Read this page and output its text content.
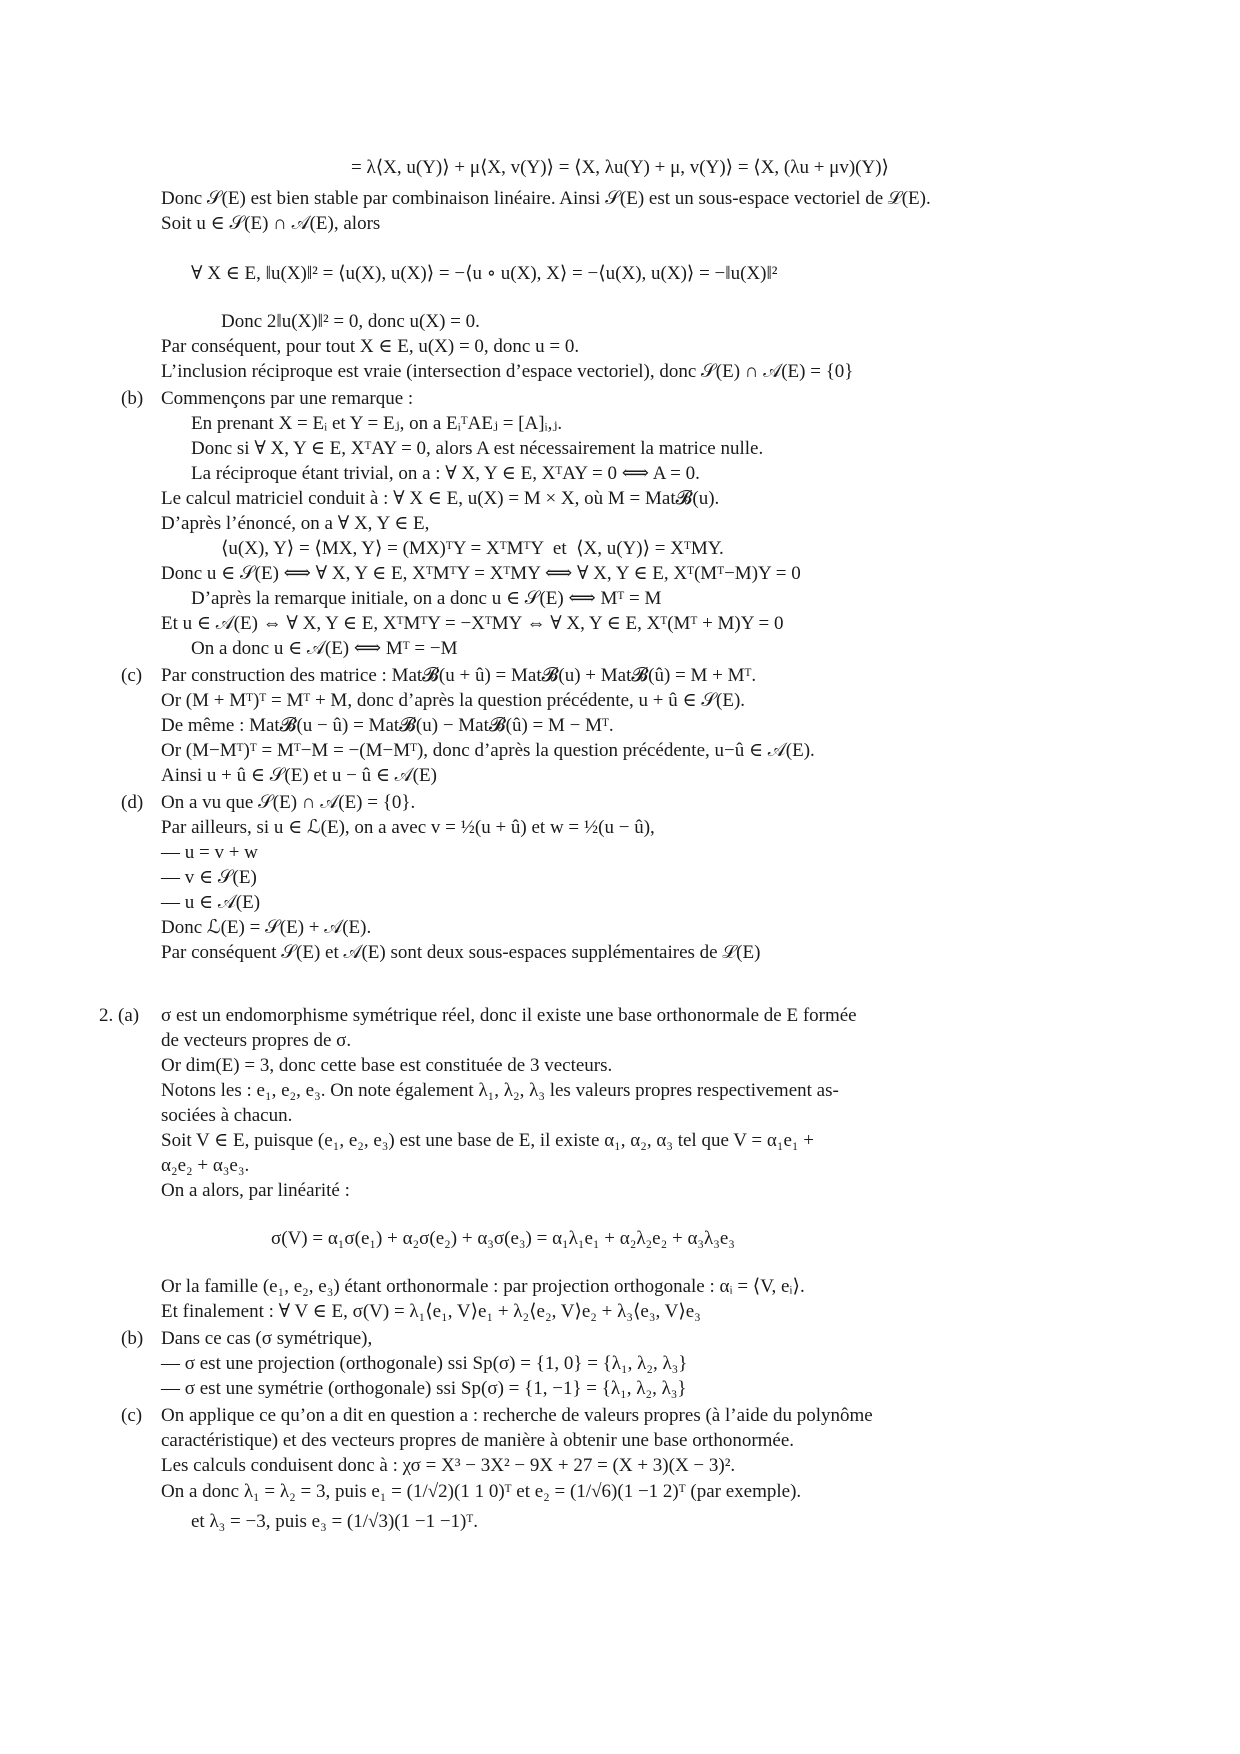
= λ⟨X, u(Y)⟩ + μ⟨X, v(Y)⟩ = ⟨X, λu(Y) + μ, v(Y)⟩ = ⟨X, (λu + μv)(Y)⟩
Donc 𝒮(E) est bien stable par combinaison linéaire. Ainsi 𝒮(E) est un sous-espace vectoriel de ℒ(E).
Soit u ∈ 𝒮(E) ∩ 𝒜(E), alors
∀ X ∈ E, ‖u(X)‖² = ⟨u(X), u(X)⟩ = −⟨u ∘ u(X), X⟩ = −⟨u(X), u(X)⟩ = −‖u(X)‖²
Donc 2‖u(X)‖² = 0, donc u(X) = 0.
Par conséquent, pour tout X ∈ E, u(X) = 0, donc u = 0.
L’inclusion réciproque est vraie (intersection d’espace vectoriel), donc 𝒮(E) ∩ 𝒜(E) = {0}
(b) Commençons par une remarque :
En prenant X = Eᵢ et Y = Eⱼ, on a EᵢᵀAEⱼ = [A]ᵢ,ⱼ.
Donc si ∀ X, Y ∈ E, XᵀAY = 0, alors A est nécessairement la matrice nulle.
La réciproque étant trivial, on a : ∀ X, Y ∈ E, XᵀAY = 0 ⟺ A = 0.
Le calcul matriciel conduit à : ∀ X ∈ E, u(X) = M × X, où M = Mat𝓑(u).
D’après l’énoncé, on a ∀ X, Y ∈ E,
⟨u(X), Y⟩ = ⟨MX, Y⟩ = (MX)ᵀY = XᵀMᵀY  et  ⟨X, u(Y)⟩ = XᵀMY.
Donc u ∈ 𝒮(E) ⟺ ∀ X, Y ∈ E, XᵀMᵀY = XᵀMY ⟺ ∀ X, Y ∈ E, Xᵀ(Mᵀ−M)Y = 0
D’après la remarque initiale, on a donc u ∈ 𝒮(E) ⟺ Mᵀ = M
Et u ∈ 𝒜(E) ⇔ ∀ X, Y ∈ E, XᵀMᵀY = −XᵀMY ⇔ ∀ X, Y ∈ E, Xᵀ(Mᵀ + M)Y = 0
On a donc u ∈ 𝒜(E) ⟺ Mᵀ = −M
(c) Par construction des matrice : Mat𝓑(u + û) = Mat𝓑(u) + Mat𝓑(û) = M + Mᵀ.
Or (M + Mᵀ)ᵀ = Mᵀ + M, donc d’après la question précédente, u + û ∈ 𝒮(E).
De même : Mat𝓑(u − û) = Mat𝓑(u) − Mat𝓑(û) = M − Mᵀ.
Or (M−Mᵀ)ᵀ = Mᵀ−M = −(M−Mᵀ), donc d’après la question précédente, u−û ∈ 𝒜(E).
Ainsi u + û ∈ 𝒮(E) et u − û ∈ 𝒜(E)
(d) On a vu que 𝒮(E) ∩ 𝒜(E) = {0}.
Par ailleurs, si u ∈ ℒ(E), on a avec v = ½(u + û) et w = ½(u − û),
— u = v + w
— v ∈ 𝒮(E)
— u ∈ 𝒜(E)
Donc ℒ(E) = 𝒮(E) + 𝒜(E).
Par conséquent 𝒮(E) et 𝒜(E) sont deux sous-espaces supplémentaires de ℒ(E)
2. (a) σ est un endomorphisme symétrique réel, donc il existe une base orthonormale de E formée
de vecteurs propres de σ.
Or dim(E) = 3, donc cette base est constituée de 3 vecteurs.
Notons les : e₁, e₂, e₃. On note également λ₁, λ₂, λ₃ les valeurs propres respectivement as-
sociées à chacun.
Soit V ∈ E, puisque (e₁, e₂, e₃) est une base de E, il existe α₁, α₂, α₃ tel que V = α₁e₁ +
α₂e₂ + α₃e₃.
On a alors, par linéarité :
σ(V) = α₁σ(e₁) + α₂σ(e₂) + α₃σ(e₃) = α₁λ₁e₁ + α₂λ₂e₂ + α₃λ₃e₃
Or la famille (e₁, e₂, e₃) étant orthonormale : par projection orthogonale : αᵢ = ⟨V, eᵢ⟩.
Et finalement : ∀ V ∈ E, σ(V) = λ₁⟨e₁, V⟩e₁ + λ₂⟨e₂, V⟩e₂ + λ₃⟨e₃, V⟩e₃
(b) Dans ce cas (σ symétrique),
— σ est une projection (orthogonale) ssi Sp(σ) = {1, 0} = {λ₁, λ₂, λ₃}
— σ est une symétrie (orthogonale) ssi Sp(σ) = {1, −1} = {λ₁, λ₂, λ₃}
(c) On applique ce qu’on a dit en question a : recherche de valeurs propres (à l’aide du polynôme
caractéristique) et des vecteurs propres de manière à obtenir une base orthonormée.
Les calculs conduisent donc à : χσ = X³ − 3X² − 9X + 27 = (X + 3)(X − 3)².
On a donc λ₁ = λ₂ = 3, puis e₁ = (1/√2)(1 1 0)ᵀ et e₂ = (1/√6)(1 −1 2)ᵀ (par exemple).
et λ₃ = −3, puis e₃ = (1/√3)(1 −1 −1)ᵀ.
